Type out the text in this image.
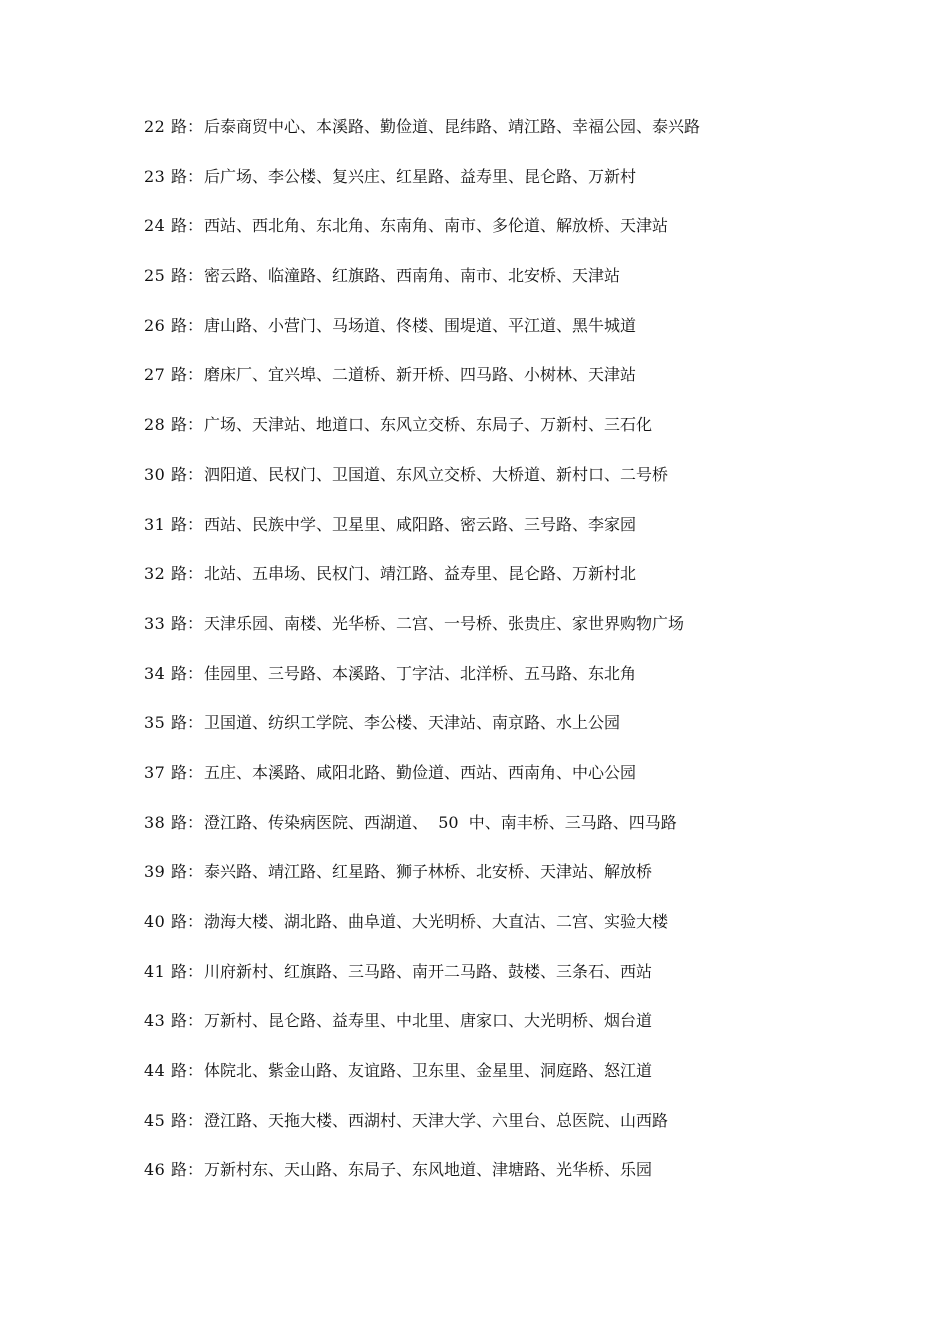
22 路 ： 后泰商贸中心、本溪路、勤俭道、昆纬路、靖江路、幸福公园、泰兴路
23 路 ： 后广场、李公楼、复兴庄、红星路、益寿里、昆仑路、万新村
24 路 ： 西站、西北角、东北角、东南角、南市、多伦道、解放桥、天津站
25 路 ： 密云路、临潼路、红旗路、西南角、南市、北安桥、天津站
26 路 ： 唐山路、小营门、马场道、佟楼、围堤道、平江道、黑牛城道
27 路 ： 磨床厂、宜兴埠、二道桥、新开桥、四马路、小树林、天津站
28 路 ： 广场、天津站、地道口、东风立交桥、东局子、万新村、三石化
30 路 ： 泗阳道、民权门、卫国道、东风立交桥、大桥道、新村口、二号桥
31 路 ： 西站、民族中学、卫星里、咸阳路、密云路、三号路、李家园
32 路 ： 北站、五串场、民权门、靖江路、益寿里、昆仑路、万新村北
33 路 ： 天津乐园、南楼、光华桥、二宫、一号桥、张贵庄、家世界购物广场
34 路 ： 佳园里、三号路、本溪路、丁字沽、北洋桥、五马路、东北角
35 路 ： 卫国道、纺织工学院、李公楼、天津站、南京路、水上公园
37 路 ： 五庄、本溪路、咸阳北路、勤俭道、西站、西南角、中心公园
38 路 ： 澄江路、传染病医院、西湖道、  50  中、南丰桥、三马路、四马路
39 路 ： 泰兴路、靖江路、红星路、狮子林桥、北安桥、天津站、解放桥
40 路 ： 渤海大楼、湖北路、曲阜道、大光明桥、大直沽、二宫、实验大楼
41 路 ： 川府新村、红旗路、三马路、南开二马路、鼓楼、三条石、西站
43 路 ： 万新村、昆仑路、益寿里、中北里、唐家口、大光明桥、烟台道
44 路 ： 体院北、紫金山路、友谊路、卫东里、金星里、洞庭路、怒江道
45 路 ： 澄江路、天拖大楼、西湖村、天津大学、六里台、总医院、山西路
46 路 ： 万新村东、天山路、东局子、东风地道、津塘路、光华桥、乐园
